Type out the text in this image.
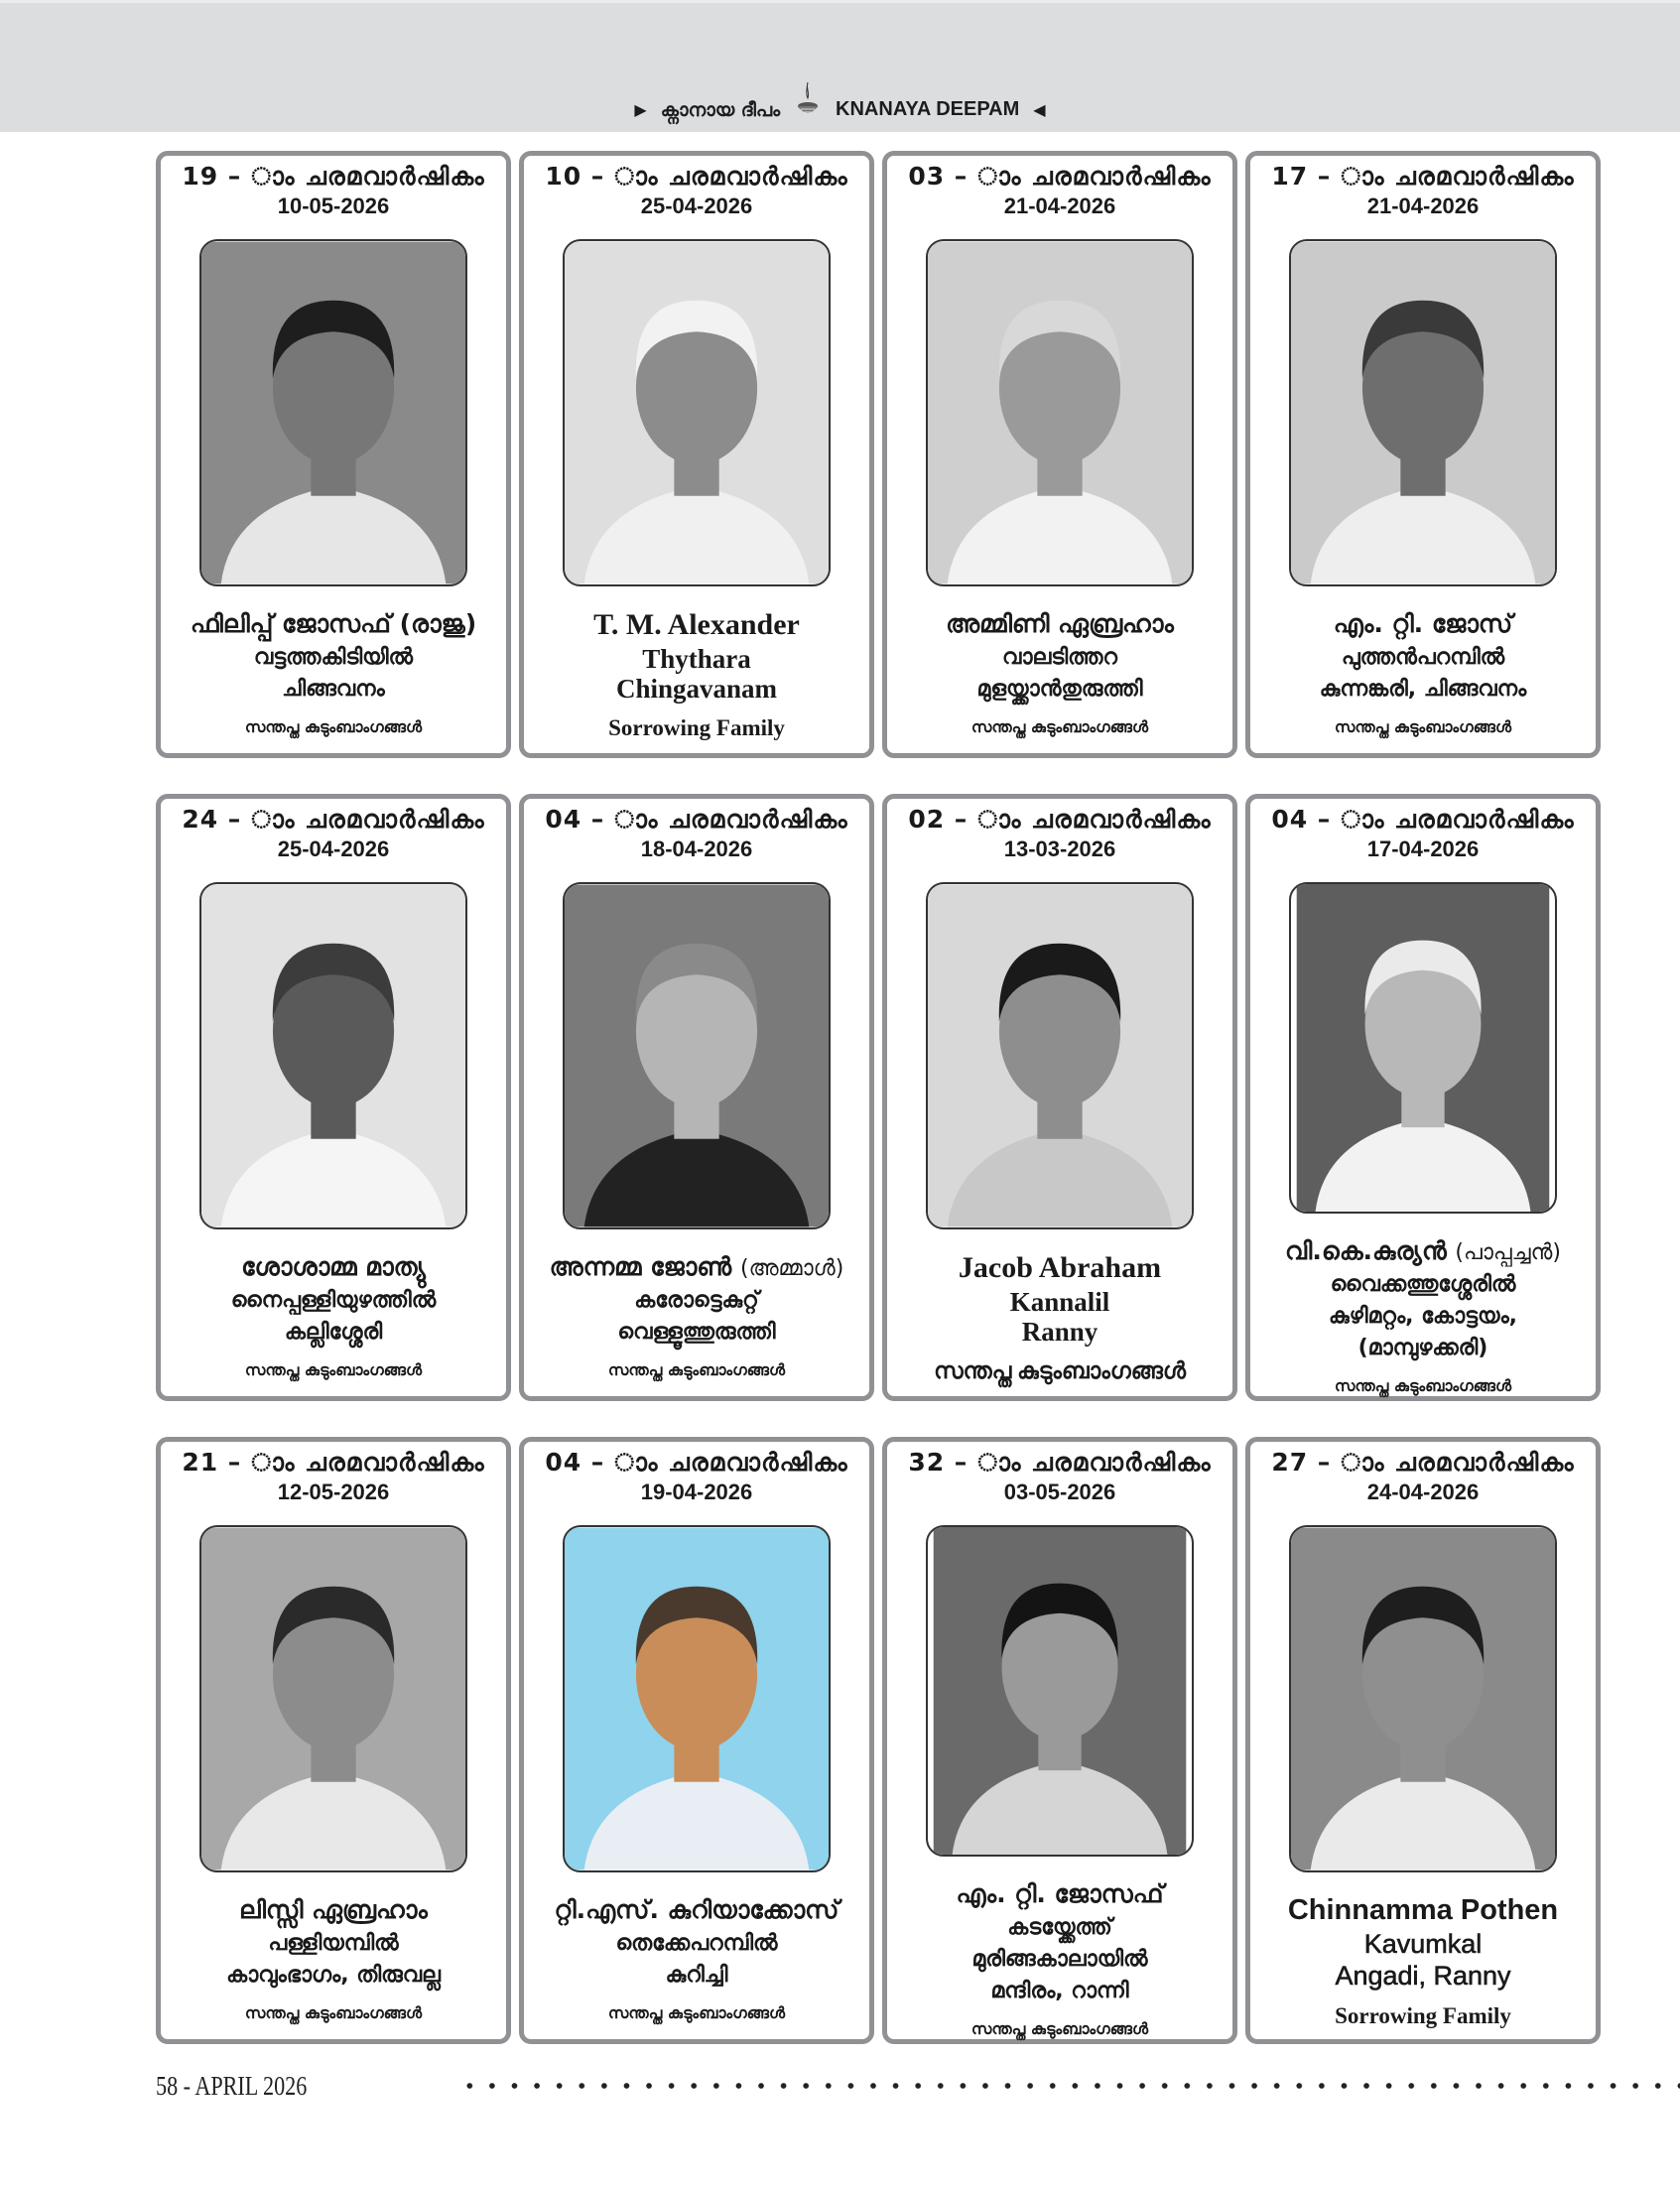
▶ ക്നാനായ ദീപം	KNANAYA DEEPAM ◀
19 – ാം ചരമവാർഷികം
10-05-2026
ഫിലിപ്പ് ജോസഫ് (രാജു)
വട്ടത്തകിടിയിൽ
ചിങ്ങവനം
സന്തപ്ത കുടുംബാംഗങ്ങൾ
10 – ാം ചരമവാർഷികം
25-04-2026
T. M. Alexander
Thythara
Chingavanam
Sorrowing Family
03 – ാം ചരമവാർഷികം
21-04-2026
അമ്മിണി ഏബ്രഹാം
വാലടിത്തറ
മുളയ്ക്കാൻതുരുത്തി
സന്തപ്ത കുടുംബാംഗങ്ങൾ
17 – ാം ചരമവാർഷികം
21-04-2026
എം. റ്റി. ജോസ്
പുത്തൻപറമ്പിൽ
കുന്നങ്കരി, ചിങ്ങവനം
സന്തപ്ത കുടുംബാംഗങ്ങൾ
24 – ാം ചരമവാർഷികം
25-04-2026
ശോശാമ്മ മാത്യു
നൈപ്പള്ളിയുഴത്തിൽ
കല്ലിശ്ശേരി
സന്തപ്ത കുടുംബാംഗങ്ങൾ
04 – ാം ചരമവാർഷികം
18-04-2026
അന്നമ്മ ജോൺ (അമ്മാൾ)
കരോട്ടെകുറ്റ്
വെള്ളൂത്തുരുത്തി
സന്തപ്ത കുടുംബാംഗങ്ങൾ
02 – ാം ചരമവാർഷികം
13-03-2026
Jacob Abraham
Kannalil
Ranny
സന്തപ്ത കുടുംബാംഗങ്ങൾ
04 – ാം ചരമവാർഷികം
17-04-2026
വി.കെ.കുര്യൻ (പാപ്പച്ചൻ)
വൈക്കത്തുശ്ശേരിൽ
കുഴിമറ്റം, കോട്ടയം,
(മാമ്പുഴക്കരി)
സന്തപ്ത കുടുംബാംഗങ്ങൾ
21 – ാം ചരമവാർഷികം
12-05-2026
ലിസ്സി ഏബ്രഹാം
പള്ളിയമ്പിൽ
കാവുംഭാഗം, തിരുവല്ല
സന്തപ്ത കുടുംബാംഗങ്ങൾ
04 – ാം ചരമവാർഷികം
19-04-2026
റ്റി.എസ്. കുറിയാക്കോസ്
തെക്കേപറമ്പിൽ
കുറിച്ചി
സന്തപ്ത കുടുംബാംഗങ്ങൾ
32 – ാം ചരമവാർഷികം
03-05-2026
എം. റ്റി. ജോസഫ്
കടയ്ക്കേത്ത്
മുരിങ്ങകാലായിൽ
മന്ദിരം, റാന്നി
സന്തപ്ത കുടുംബാംഗങ്ങൾ
27 – ാം ചരമവാർഷികം
24-04-2026
Chinnamma Pothen
Kavumkal
Angadi, Ranny
Sorrowing Family
58 - APRIL 2026
